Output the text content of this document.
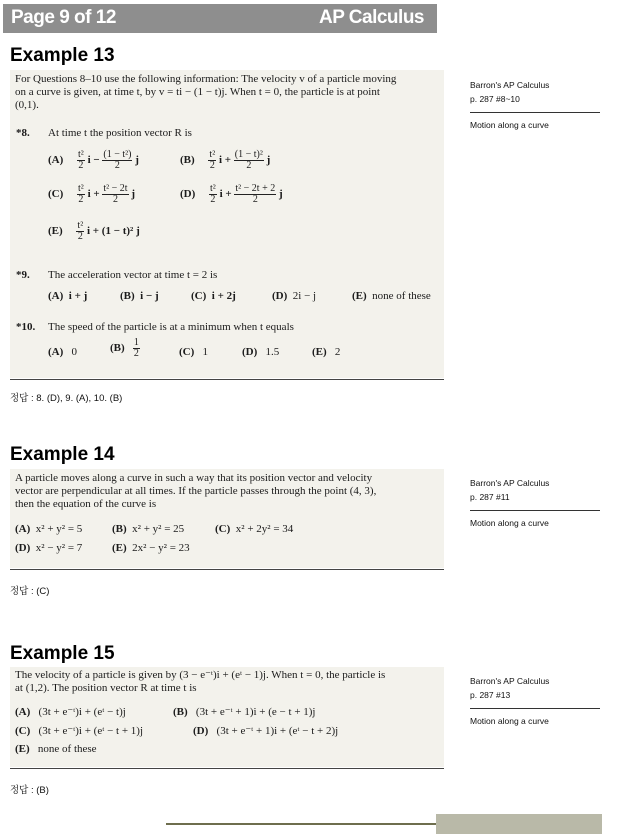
Page 9 of 12	AP Calculus
Example 13
For Questions 8–10 use the following information: The velocity v of a particle moving
on a curve is given, at time t, by v = ti − (1 − t)j. When t = 0, the particle is at point
(0,1).
*8. At time t the position vector R is
$(A) \frac{\text{t²}}{2}$ $i - \frac{\text{(1 − t²)}}{2}$ j	$(B) \frac{\text{t²}}{2}$ $i + \frac{\text{(1 − t)²}}{2}$ j
$(C) \frac{\text{t²}}{2}$ $i + \frac{\text{t² − 2t}}{2}$ j	$(D) \frac{\text{t²}}{2}$ $i + \frac{\text{t² − 2t + 2}}{2}$ j
$(E) \frac{\text{t²}}{2}$ i + (1 − t)² j
*9. The acceleration vector at time t = 2 is
(A) i + j	(B) i − j	(C) i + 2j	(D) 2i − j	(E) none of these
*10. The speed of the particle is at a minimum when t equals
(A) 0	$(B) \frac{1}{2}$	(C) 1	(D) 1.5	(E) 2
정답 : 8. (D), 9. (A), 10. (B)
Barron's AP Calculus
p. 287 #8~10
Motion along a curve
Example 14
A particle moves along a curve in such a way that its position vector and velocity
vector are perpendicular at all times. If the particle passes through the point (4, 3),
then the equation of the curve is
(A) x² + y² = 5	(B) x² + y² = 25	(C) x² + 2y² = 34
(D) x² − y² = 7	(E) 2x² − y² = 23
정답 : (C)
Barron's AP Calculus
p. 287 #11
Motion along a curve
Example 15
The velocity of a particle is given by (3 − e⁻ᵗ)i + (eᵗ − 1)j. When t = 0, the particle is
at (1,2). The position vector R at time t is
(A) (3t + e⁻ᵗ)i + (eᵗ − t)j	(B) (3t + e⁻ᵗ + 1)i + (e − t + 1)j
(C) (3t + e⁻ᵗ)i + (eᵗ − t + 1)j	(D) (3t + e⁻ᵗ + 1)i + (eᵗ − t + 2)j
(E) none of these
정답 : (B)
Barron's AP Calculus
p. 287 #13
Motion along a curve
